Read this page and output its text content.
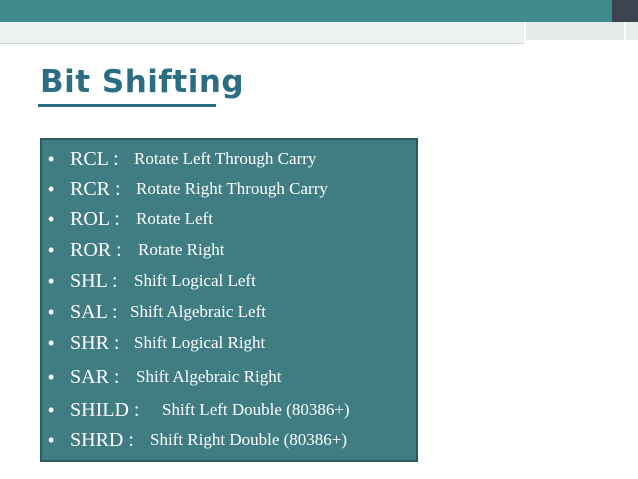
Bit Shifting
• RCL : Rotate Left Through Carry
• RCR : Rotate Right Through Carry
• ROL : Rotate Left
• ROR : Rotate Right
• SHL : Shift Logical Left
• SAL : Shift Algebraic Left
• SHR : Shift Logical Right
• SAR : Shift Algebraic Right
• SHILD : Shift Left Double (80386+)
• SHRD : Shift Right Double (80386+)
